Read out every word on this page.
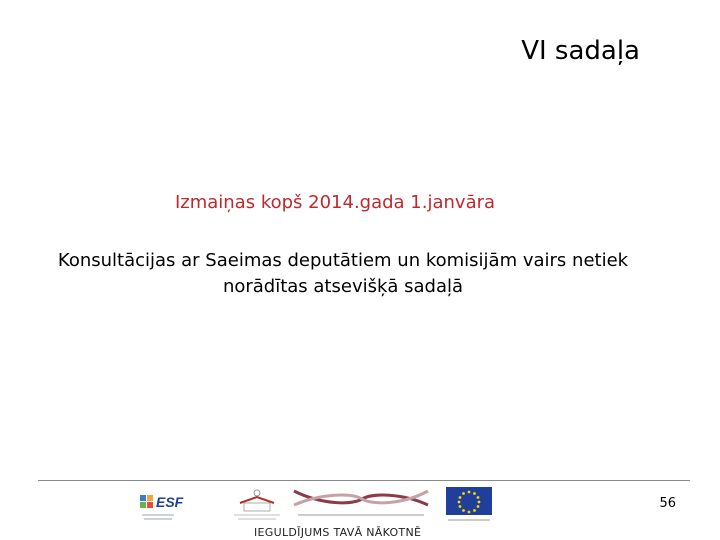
VI sadaļa
Izmaiņas kopš 2014.gada 1.janvāra
Konsultācijas ar Saeimas deputātiem un komisijām vairs netiek norādītas atsevišķā sadaļā
56
ESF
IEGULDĪJUMS TAVĀ NĀKOTNĒ
